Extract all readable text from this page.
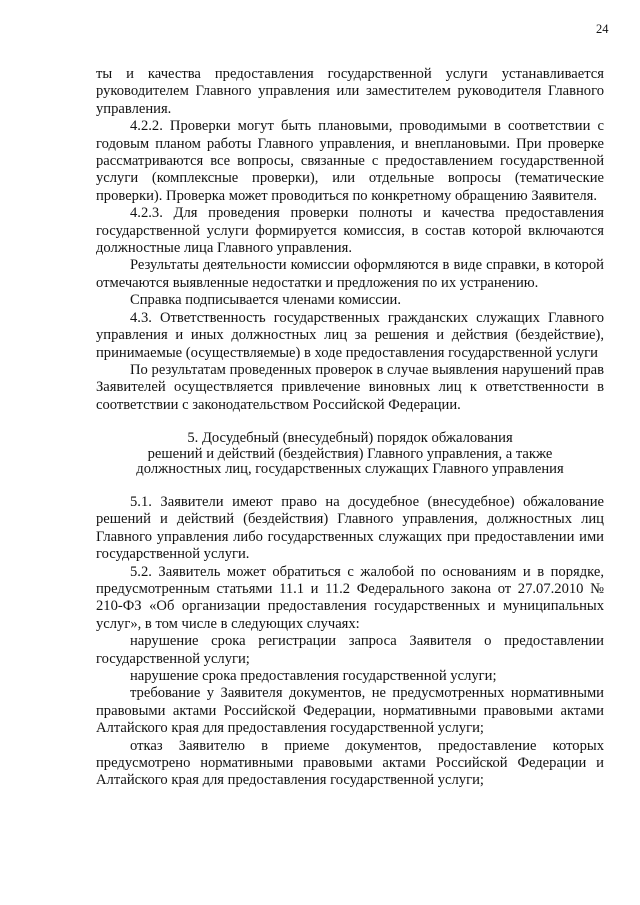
24

ты и качества предоставления государственной услуги устанавливается руководителем Главного управления или заместителем руководителя Главного управления.

4.2.2. Проверки могут быть плановыми, проводимыми в соответствии с годовым планом работы Главного управления, и внеплановыми. При проверке рассматриваются все вопросы, связанные с предоставлением государственной услуги (комплексные проверки), или отдельные вопросы (тематические проверки). Проверка может проводиться по конкретному обращению Заявителя.

4.2.3. Для проведения проверки полноты и качества предоставления государственной услуги формируется комиссия, в состав которой включаются должностные лица Главного управления.

Результаты деятельности комиссии оформляются в виде справки, в которой отмечаются выявленные недостатки и предложения по их устранению.

Справка подписывается членами комиссии.

4.3. Ответственность государственных гражданских служащих Главного управления и иных должностных лиц за решения и действия (бездействие), принимаемые (осуществляемые) в ходе предоставления государственной услуги

По результатам проведенных проверок в случае выявления нарушений прав Заявителей осуществляется привлечение виновных лиц к ответственности в соответствии с законодательством Российской Федерации.

5. Досудебный (внесудебный) порядок обжалования
решений и действий (бездействия) Главного управления, а также
должностных лиц, государственных служащих Главного управления

5.1. Заявители имеют право на досудебное (внесудебное) обжалование решений и действий (бездействия) Главного управления, должностных лиц Главного управления либо государственных служащих при предоставлении ими государственной услуги.

5.2. Заявитель может обратиться с жалобой по основаниям и в порядке, предусмотренным статьями 11.1 и 11.2 Федерального закона от 27.07.2010 № 210-ФЗ «Об организации предоставления государственных и муниципальных услуг», в том числе в следующих случаях:

нарушение срока регистрации запроса Заявителя о предоставлении государственной услуги;

нарушение срока предоставления государственной услуги;

требование у Заявителя документов, не предусмотренных нормативными правовыми актами Российской Федерации, нормативными правовыми актами Алтайского края для предоставления государственной услуги;

отказ Заявителю в приеме документов, предоставление которых предусмотрено нормативными правовыми актами Российской Федерации и Алтайского края для предоставления государственной услуги;
